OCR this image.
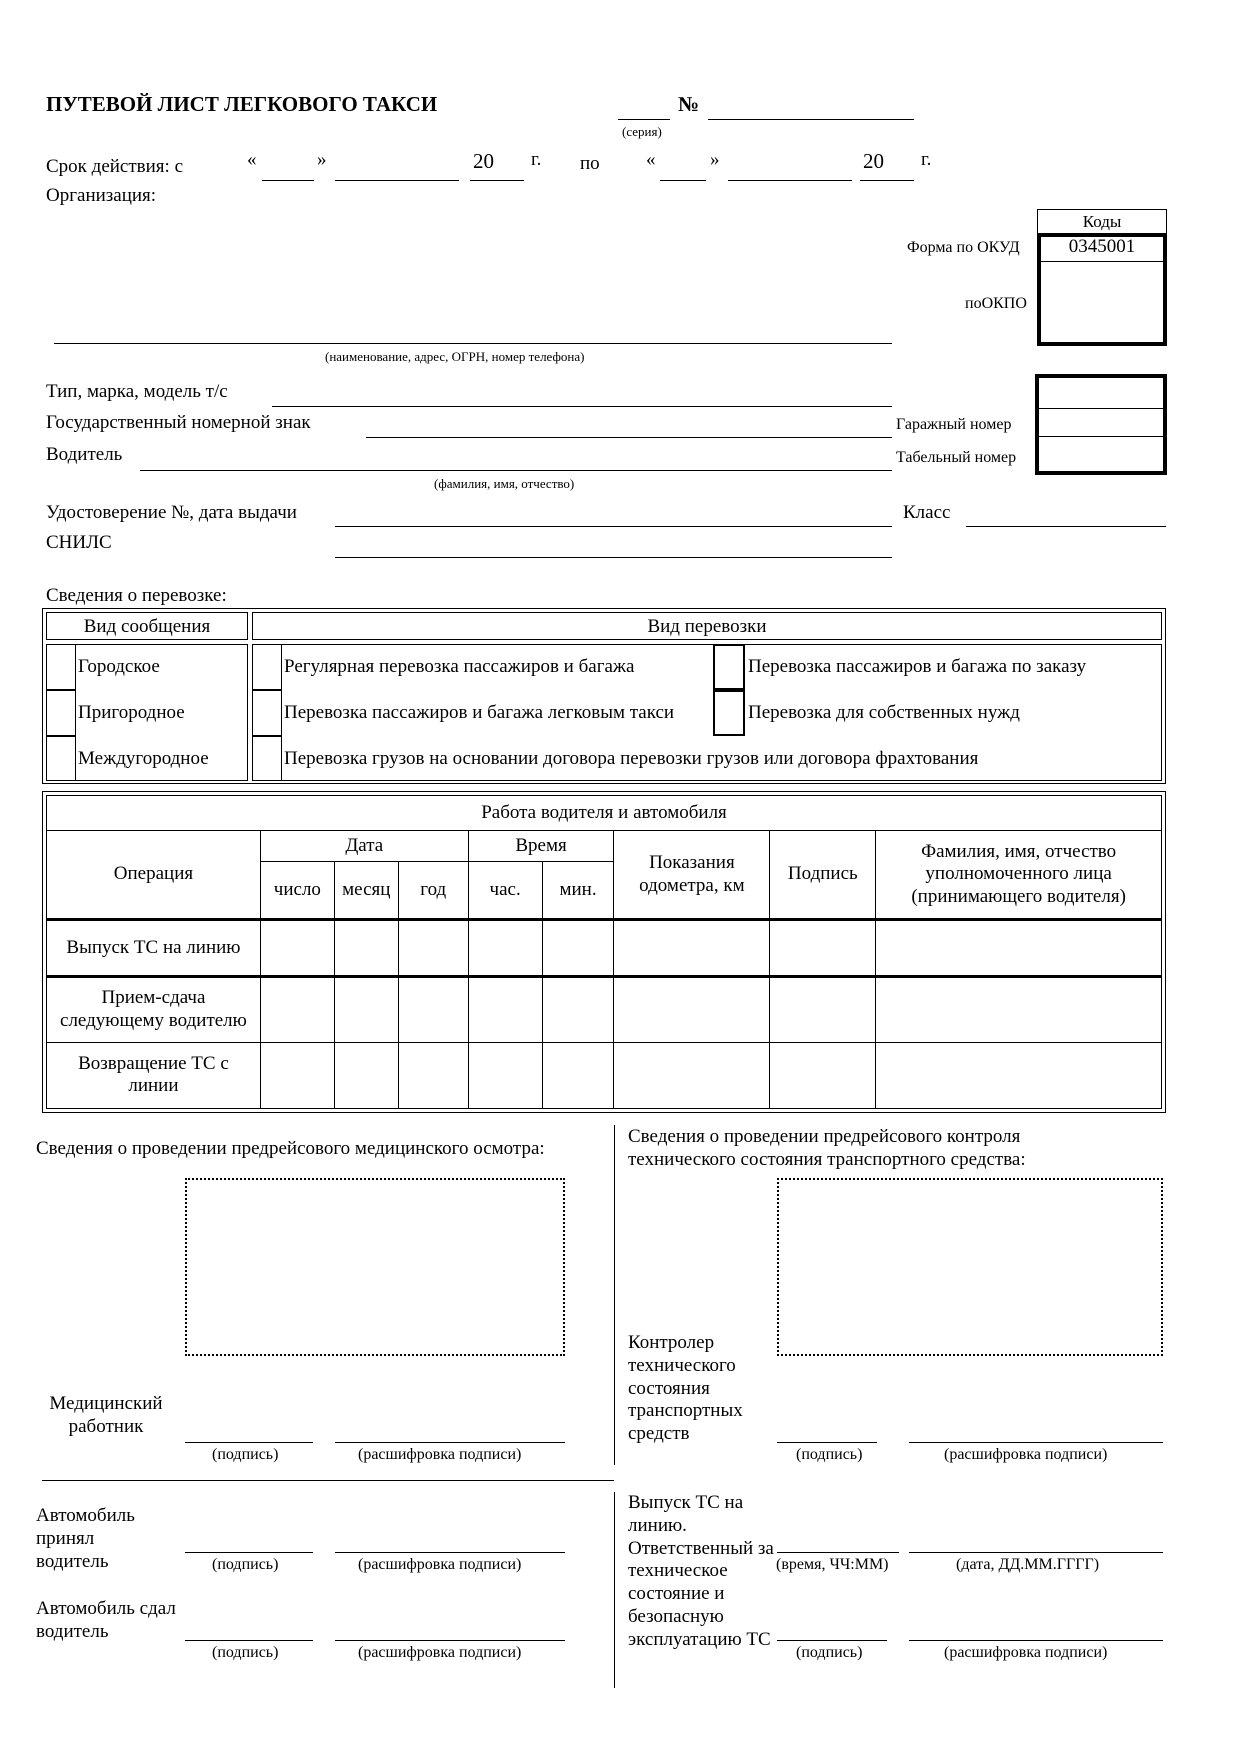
ПУТЕВОЙ ЛИСТ ЛЕГКОВОГО ТАКСИ	№
(серия)
Срок действия: с	«	»	20 г. по «	»	20 г.
Организация:
(наименование, адрес, ОГРН, номер телефона)
Коды
0345001
Форма по ОКУД
поОКПО
Гаражный номер
Табельный номер
Тип, марка, модель т/с
Государственный номерной знак
Водитель
(фамилия, имя, отчество)
Удостоверение №, дата выдачи	Класс
СНИЛС
Сведения о перевозке:
Вид сообщения
Городское
Пригородное
Междугородное
Вид перевозки
Регулярная перевозка пассажиров и багажа
Перевозка пассажиров и багажа легковым такси
Перевозка грузов на основании договора перевозки грузов или договора фрахтования
Перевозка пассажиров и багажа по заказу
Перевозка для собственных нужд
Работа водителя и автомобиля								
Операция	Дата			Время		Показания одометра, км	Подпись	Фамилия, имя, отчество уполномоченного лица (принимающего водителя)
	число	месяц	год	час.	мин.			
Выпуск ТС на линию								
Прием-сдача следующему водителю								
Возвращение ТС с линии								
Сведения о проведении предрейсового медицинского осмотра:
Медицинский работник
(подпись)	(расшифровка подписи)
Сведения о проведении предрейсового контроля технического состояния транспортного средства:
Контролер технического состояния транспортных средств
(подпись)	(расшифровка подписи)
Автомобиль принял водитель	(подпись)	(расшифровка подписи)
Автомобиль сдал водитель
(подпись)	(расшифровка подписи)
Выпуск ТС на линию. Ответственный за техническое состояние и безопасную эксплуатацию ТС
(время, ЧЧ:ММ)	(дата, ДД.ММ.ГГГГ)
(подпись)	(расшифровка подписи)
